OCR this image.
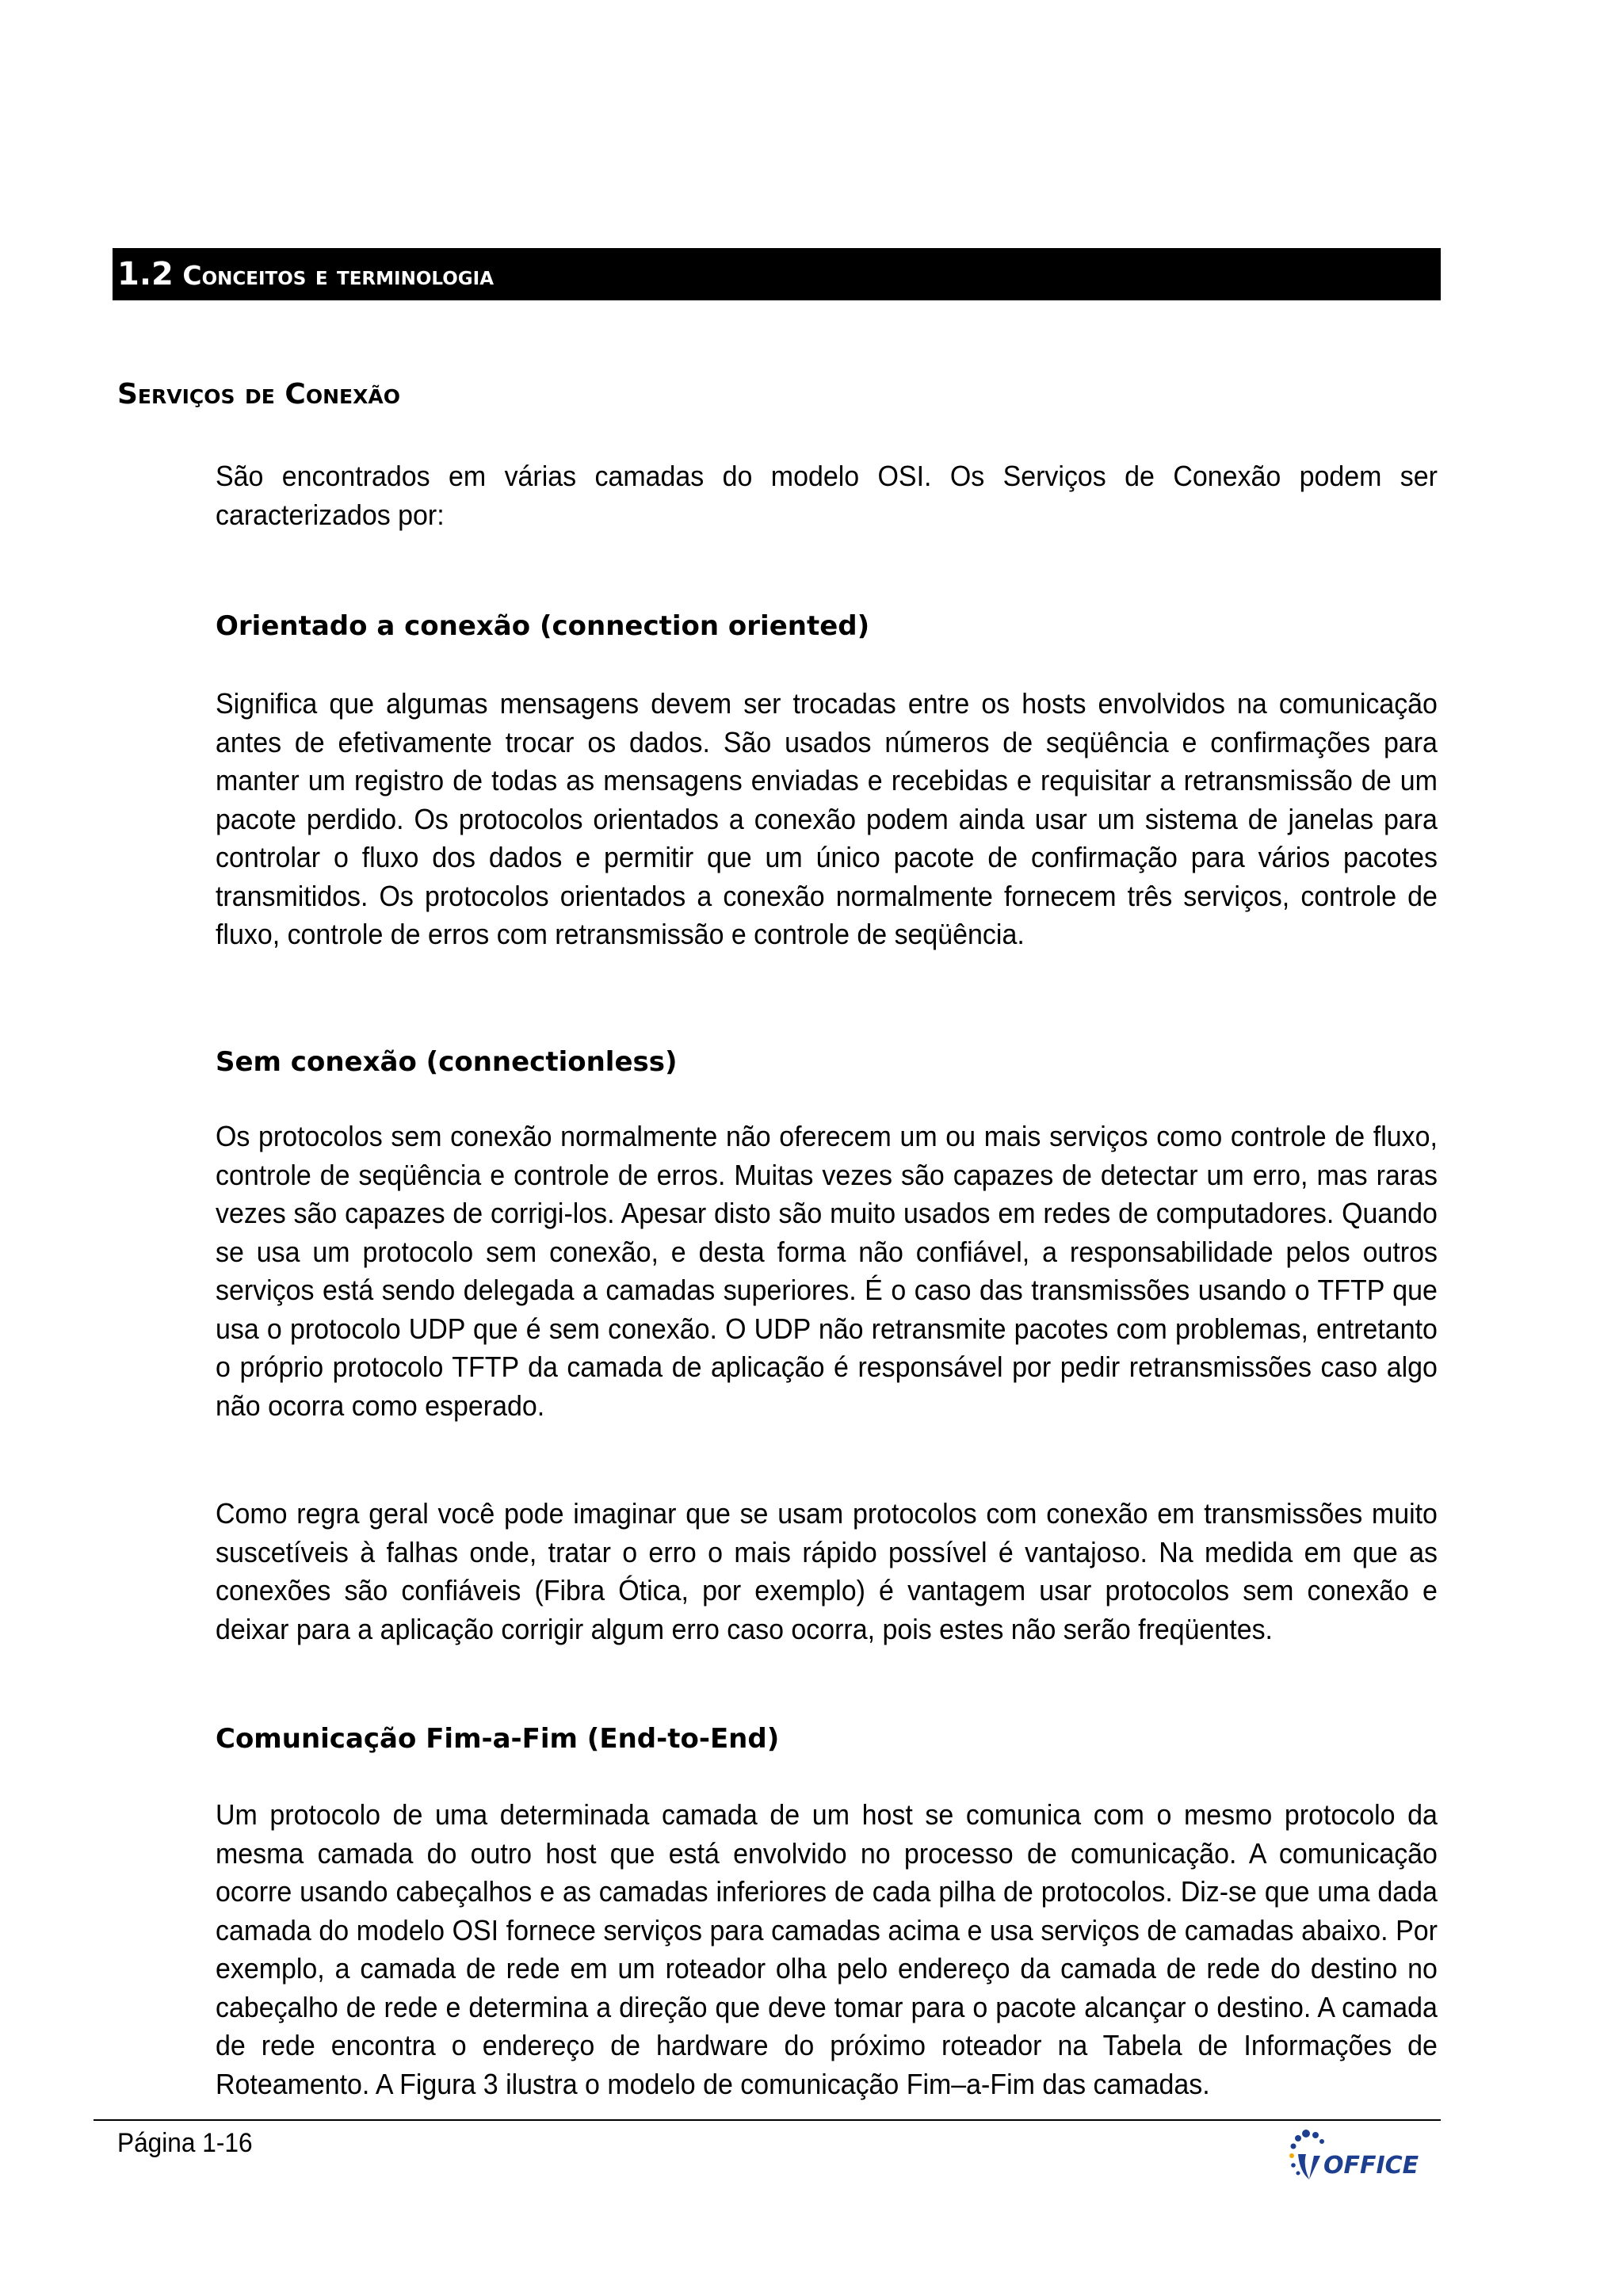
1.2 Conceitos e terminologia
Serviços de Conexão

São encontrados em várias camadas do modelo OSI. Os Serviços de Conexão podem ser caracterizados por:

Orientado a conexão (connection oriented)

Significa que algumas mensagens devem ser trocadas entre os hosts envolvidos na comunicação antes de efetivamente trocar os dados. São usados números de seqüência e confirmações para manter um registro de todas as mensagens enviadas e recebidas e requisitar a retransmissão de um pacote perdido. Os protocolos orientados a conexão podem ainda usar um sistema de janelas para controlar o fluxo dos dados e permitir que um único pacote de confirmação para vários pacotes transmitidos. Os protocolos orientados a conexão normalmente fornecem três serviços, controle de fluxo, controle de erros com retransmissão e controle de seqüência.

Sem conexão (connectionless)

Os protocolos sem conexão normalmente não oferecem um ou mais serviços como controle de fluxo, controle de seqüência e controle de erros. Muitas vezes são capazes de detectar um erro, mas raras vezes são capazes de corrigi-los. Apesar disto são muito usados em redes de computadores. Quando se usa um protocolo sem conexão, e desta forma não confiável, a responsabilidade pelos outros serviços está sendo delegada a camadas superiores. É o caso das transmissões usando o TFTP que usa o protocolo UDP que é sem conexão. O UDP não retransmite pacotes com problemas, entretanto o próprio protocolo TFTP da camada de aplicação é responsável por pedir retransmissões caso algo não ocorra como esperado.

Como regra geral você pode imaginar que se usam protocolos com conexão em transmissões muito suscetíveis à falhas onde, tratar o erro o mais rápido possível é vantajoso. Na medida em que as conexões são confiáveis (Fibra Ótica, por exemplo) é vantagem usar protocolos sem conexão e deixar para a aplicação corrigir algum erro caso ocorra, pois estes não serão freqüentes.

Comunicação Fim-a-Fim (End-to-End)

Um protocolo de uma determinada camada de um host se comunica com o mesmo protocolo da mesma camada do outro host que está envolvido no processo de comunicação. A comunicação ocorre usando cabeçalhos e as camadas inferiores de cada pilha de protocolos. Diz-se que uma dada camada do modelo OSI fornece serviços para camadas acima e usa serviços de camadas abaixo. Por exemplo, a camada de rede em um roteador olha pelo endereço da camada de rede do destino no cabeçalho de rede e determina a direção que deve tomar para o pacote alcançar o destino. A camada de rede encontra o endereço de hardware do próximo roteador na Tabela de Informações de Roteamento. A Figura 3 ilustra o modelo de comunicação Fim–a-Fim das camadas.

Página 1-16
OFFICE
